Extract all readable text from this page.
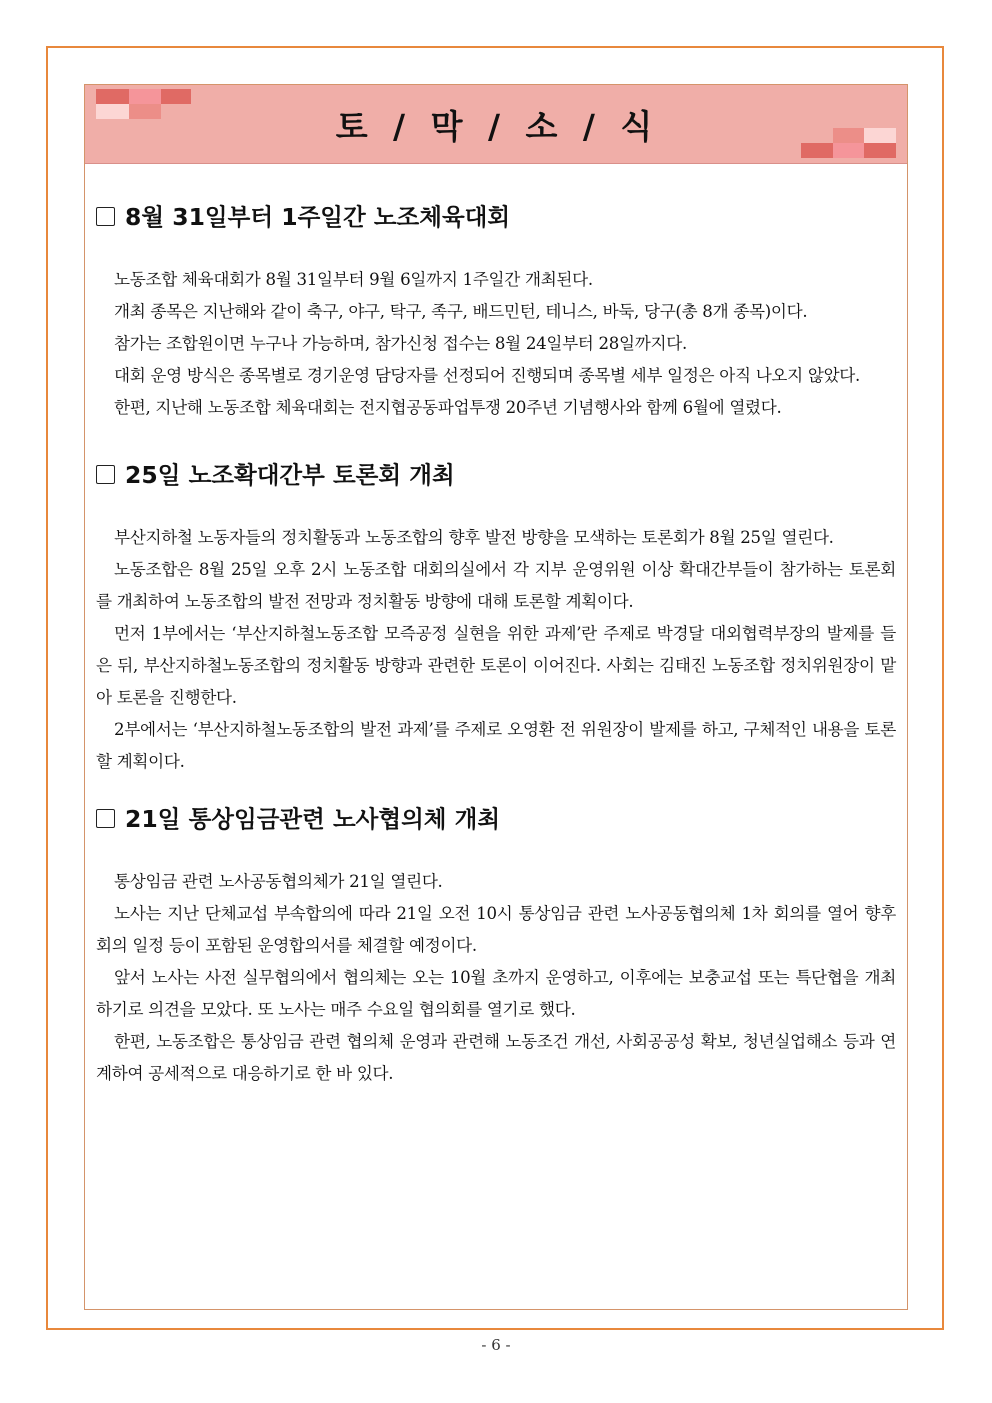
토 / 막 / 소 / 식
8월 31일부터 1주일간 노조체육대회

노동조합 체육대회가 8월 31일부터 9월 6일까지 1주일간 개최된다.

개최 종목은 지난해와 같이 축구, 야구, 탁구, 족구, 배드민턴, 테니스, 바둑, 당구(총 8개 종목)이다.

참가는 조합원이면 누구나 가능하며, 참가신청 접수는 8월 24일부터 28일까지다.

대회 운영 방식은 종목별로 경기운영 담당자를 선정되어 진행되며 종목별 세부 일정은 아직 나오지 않았다.

한편, 지난해 노동조합 체육대회는 전지협공동파업투쟁 20주년 기념행사와 함께 6월에 열렸다.

25일 노조확대간부 토론회 개최

부산지하철 노동자들의 정치활동과 노동조합의 향후 발전 방향을 모색하는 토론회가 8월 25일 열린다.

노동조합은 8월 25일 오후 2시 노동조합 대회의실에서 각 지부 운영위원 이상 확대간부들이 참가하는 토론회를 개최하여 노동조합의 발전 전망과 정치활동 방향에 대해 토론할 계획이다.

먼저 1부에서는 ‘부산지하철노동조합 모즉공정 실현을 위한 과제’란 주제로 박경달 대외협력부장의 발제를 들은 뒤, 부산지하철노동조합의 정치활동 방향과 관련한 토론이 이어진다. 사회는 김태진 노동조합 정치위원장이 맡아 토론을 진행한다.

2부에서는 ‘부산지하철노동조합의 발전 과제’를 주제로 오영환 전 위원장이 발제를 하고, 구체적인 내용을 토론할 계획이다.

21일 통상임금관련 노사협의체 개최

통상임금 관련 노사공동협의체가 21일 열린다.

노사는 지난 단체교섭 부속합의에 따라 21일 오전 10시 통상임금 관련 노사공동협의체 1차 회의를 열어 향후 회의 일정 등이 포함된 운영합의서를 체결할 예정이다.

앞서 노사는 사전 실무협의에서 협의체는 오는 10월 초까지 운영하고, 이후에는 보충교섭 또는 특단협을 개최하기로 의견을 모았다. 또 노사는 매주 수요일 협의회를 열기로 했다.

한편, 노동조합은 통상임금 관련 협의체 운영과 관련해 노동조건 개선, 사회공공성 확보, 청년실업해소 등과 연계하여 공세적으로 대응하기로 한 바 있다.

- 6 -
